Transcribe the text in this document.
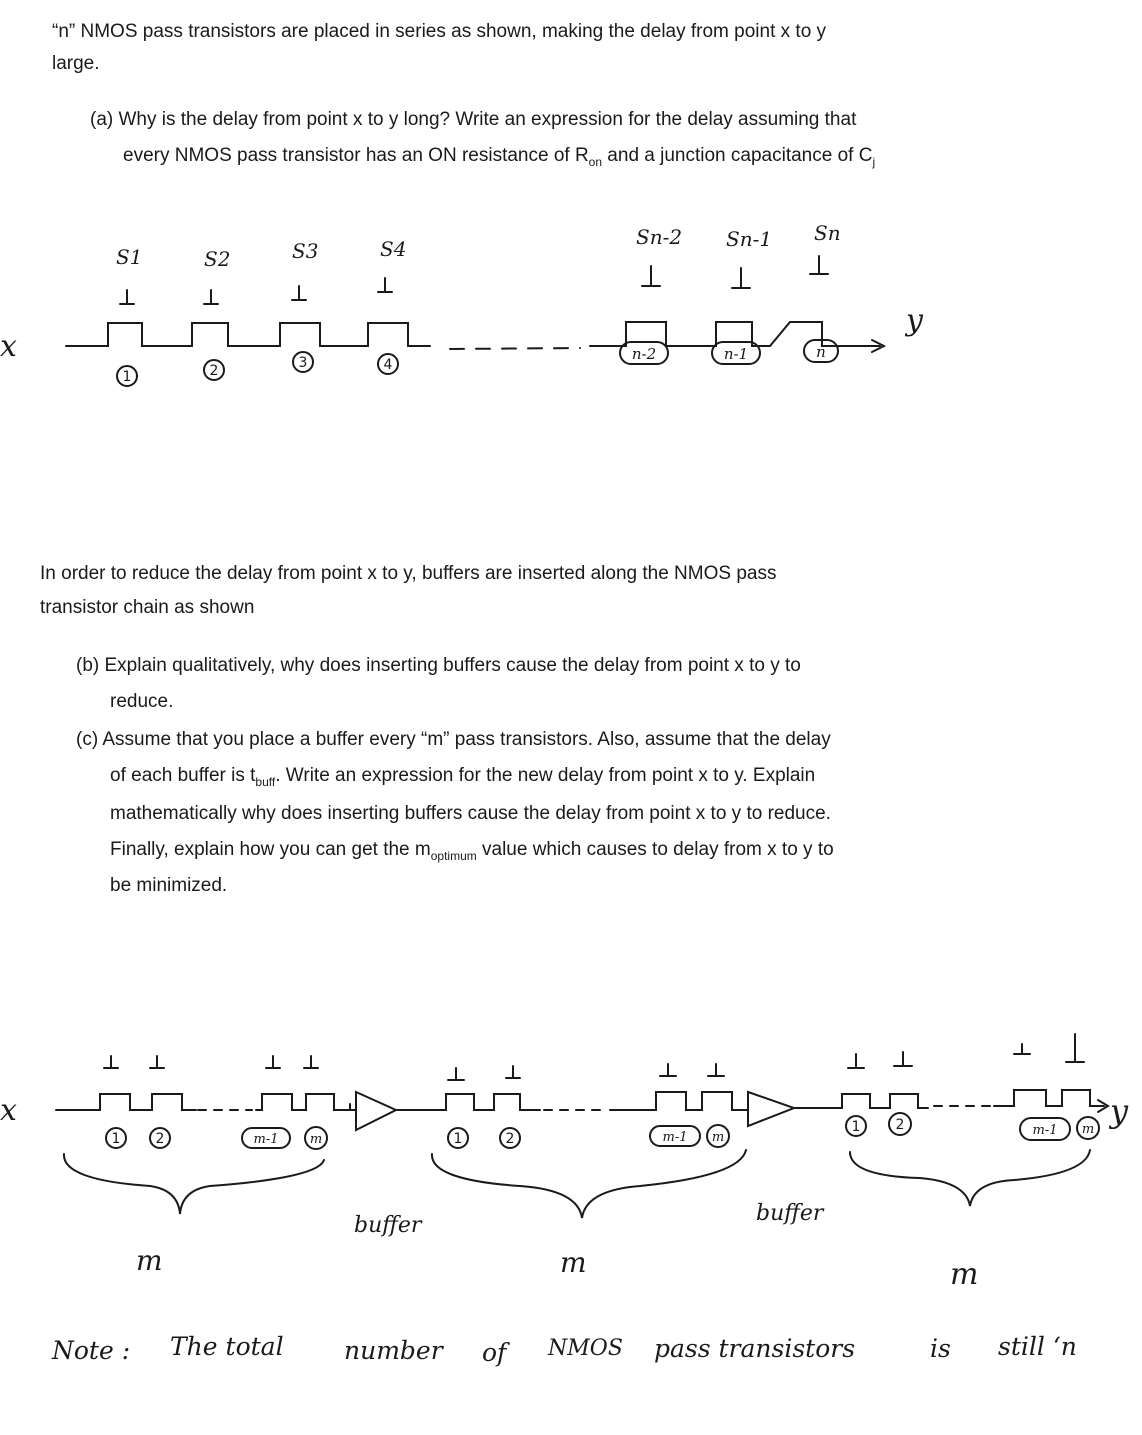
“n” NMOS pass transistors are placed in series as shown, making the delay from point x to y
large.
(a) Why is the delay from point x to y long? Write an expression for the delay assuming that
every NMOS pass transistor has an ON resistance of $R_{on}$ and a junction capacitance of $C_j$
x
y
S1	S2	S3	S4	Sn-2 Sn-1 Sn
1	2	3	4
n-2	n-1	n
In order to reduce the delay from point x to y, buffers are inserted along the NMOS pass
transistor chain as shown
(b) Explain qualitatively, why does inserting buffers cause the delay from point x to y to
reduce.
(c) Assume that you place a buffer every “m” pass transistors. Also, assume that the delay
of each buffer is $t_{buff}$. Write an expression for the new delay from point x to y. Explain
mathematically why does inserting buffers cause the delay from point x to y to reduce.
Finally, explain how you can get the $m_{optimum}$ value which causes to delay from x to y to
be minimized.
x	y
1	2	m-1 m	1	2	m-1 m
1	2	m-1 m
buffer	buffer
m	m	m
Note : The total number of NMOS pass transistors	is still ‘n
